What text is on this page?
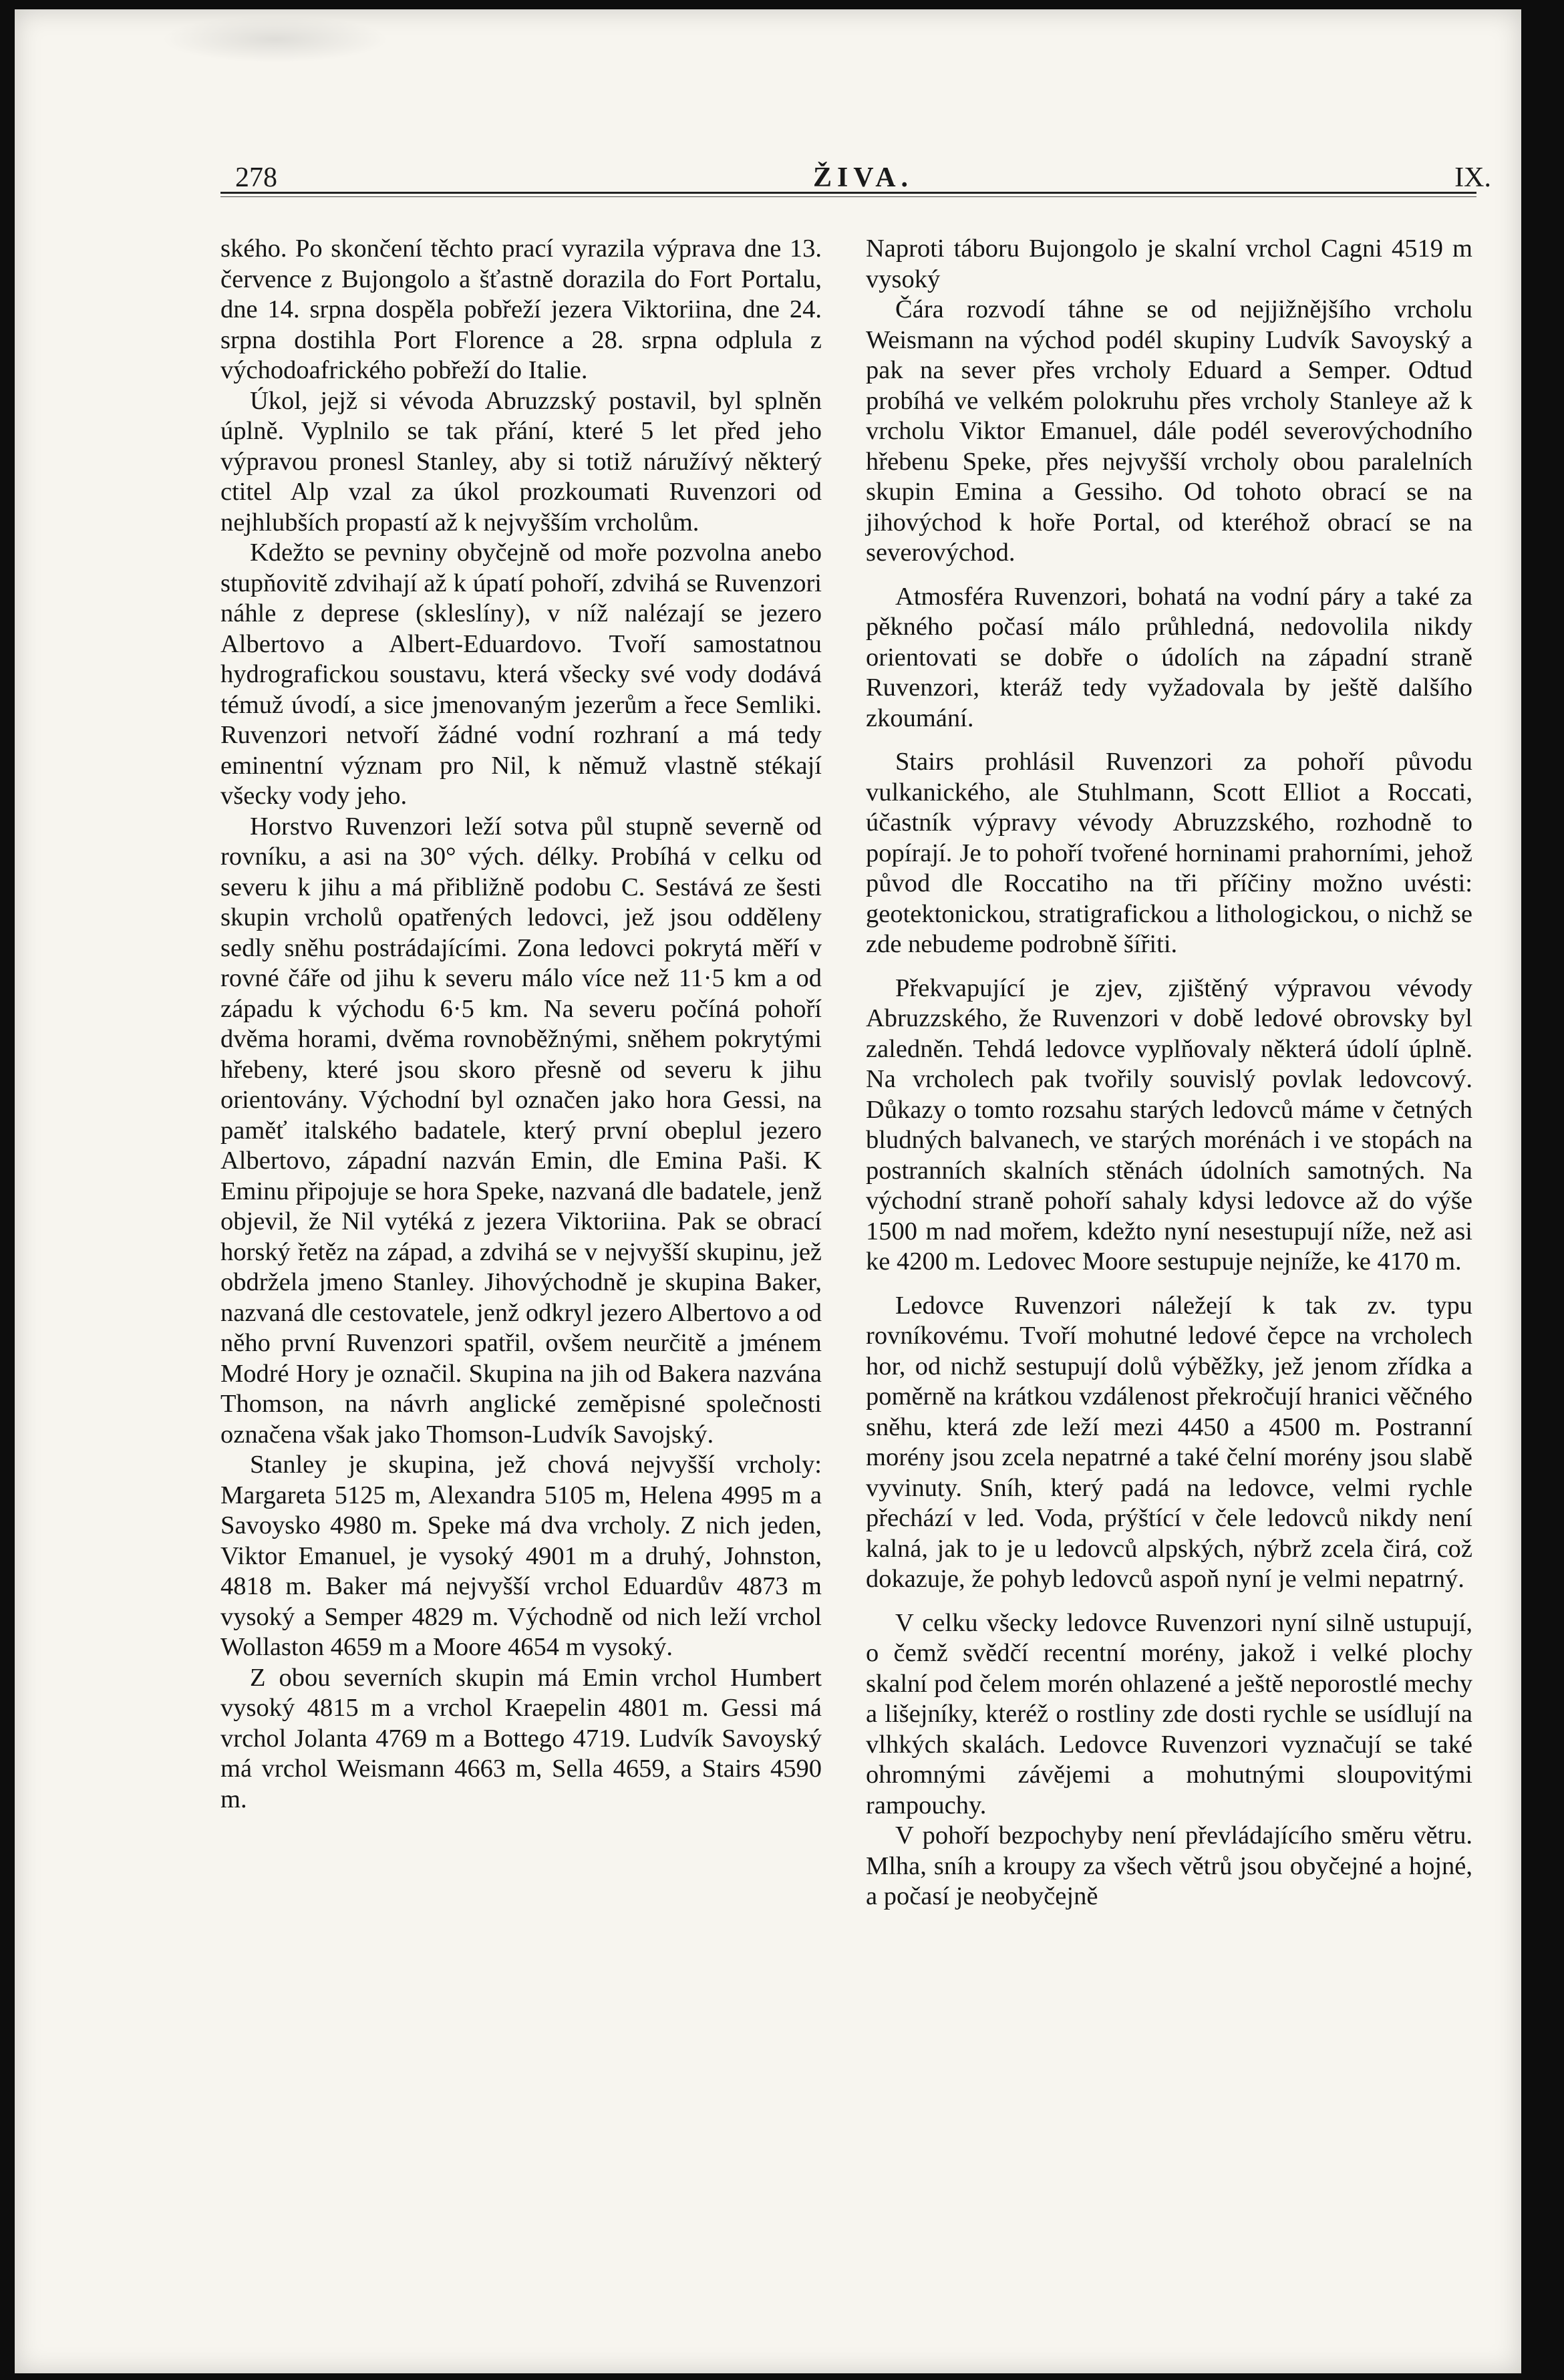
278	ŽIVA.	IX.

ského. Po skončení těchto prací vyrazila výprava dne 13. července z Bujongolo a šťastně dorazila do Fort Portalu, dne 14. srpna dospěla pobřeží jezera Viktoriina, dne 24. srpna dostihla Port Florence a 28. srpna odplula z východoafrického pobřeží do Italie.

Úkol, jejž si vévoda Abruzzský postavil, byl splněn úplně. Vyplnilo se tak přání, které 5 let před jeho výpravou pronesl Stanley, aby si totiž náružívý některý ctitel Alp vzal za úkol prozkoumati Ruvenzori od nejhlubších propastí až k nejvyšším vrcholům.

Kdežto se pevniny obyčejně od moře pozvolna anebo stupňovitě zdvihají až k úpatí pohoří, zdvihá se Ruvenzori náhle z deprese (skleslíny), v níž nalézají se jezero Albertovo a Albert-Eduardovo. Tvoří samostatnou hydrografickou soustavu, která všecky své vody dodává témuž úvodí, a sice jmenovaným jezerům a řece Semliki. Ruvenzori netvoří žádné vodní rozhraní a má tedy eminentní význam pro Nil, k němuž vlastně stékají všecky vody jeho.

Horstvo Ruvenzori leží sotva půl stupně severně od rovníku, a asi na 30° vých. délky. Probíhá v celku od severu k jihu a má přibližně podobu C. Sestává ze šesti skupin vrcholů opatřených ledovci, jež jsou odděleny sedly sněhu postrádajícími. Zona ledovci pokrytá měří v rovné čáře od jihu k severu málo více než 11·5 km a od západu k východu 6·5 km. Na severu počíná pohoří dvěma horami, dvěma rovnoběžnými, sněhem pokrytými hřebeny, které jsou skoro přesně od severu k jihu orientovány. Východní byl označen jako hora Gessi, na paměť italského badatele, který první obeplul jezero Albertovo, západní nazván Emin, dle Emina Paši. K Eminu připojuje se hora Speke, nazvaná dle badatele, jenž objevil, že Nil vytéká z jezera Viktoriina. Pak se obrací horský řetěz na západ, a zdvihá se v nejvyšší skupinu, jež obdržela jmeno Stanley. Jihovýchodně je skupina Baker, nazvaná dle cestovatele, jenž odkryl jezero Albertovo a od něho první Ruvenzori spatřil, ovšem neurčitě a jménem Modré Hory je označil. Skupina na jih od Bakera nazvána Thomson, na návrh anglické zeměpisné společnosti označena však jako Thomson-Ludvík Savojský.

Stanley je skupina, jež chová nejvyšší vrcholy: Margareta 5125 m, Alexandra 5105 m, Helena 4995 m a Savoysko 4980 m. Speke má dva vrcholy. Z nich jeden, Viktor Emanuel, je vysoký 4901 m a druhý, Johnston, 4818 m. Baker má nejvyšší vrchol Eduardův 4873 m vysoký a Semper 4829 m. Východně od nich leží vrchol Wollaston 4659 m a Moore 4654 m vysoký.

Z obou severních skupin má Emin vrchol Humbert vysoký 4815 m a vrchol Kraepelin 4801 m. Gessi má vrchol Jolanta 4769 m a Bottego 4719. Ludvík Savoyský má vrchol Weismann 4663 m, Sella 4659, a Stairs 4590 m.

Naproti táboru Bujongolo je skalní vrchol Cagni 4519 m vysoký

Čára rozvodí táhne se od nejjižnějšího vrcholu Weismann na východ podél skupiny Ludvík Savoyský a pak na sever přes vrcholy Eduard a Semper. Odtud probíhá ve velkém polokruhu přes vrcholy Stanleye až k vrcholu Viktor Emanuel, dále podél severovýchodního hřebenu Speke, přes nejvyšší vrcholy obou paralelních skupin Emina a Gessiho. Od tohoto obrací se na jihovýchod k hoře Portal, od kteréhož obrací se na severovýchod.

Atmosféra Ruvenzori, bohatá na vodní páry a také za pěkného počasí málo průhledná, nedovolila nikdy orientovati se dobře o údolích na západní straně Ruvenzori, kteráž tedy vyžadovala by ještě dalšího zkoumání.

Stairs prohlásil Ruvenzori za pohoří původu vulkanického, ale Stuhlmann, Scott Elliot a Roccati, účastník výpravy vévody Abruzzského, rozhodně to popírají. Je to pohoří tvořené horninami prahorními, jehož původ dle Roccatiho na tři příčiny možno uvésti: geotektonickou, stratigrafickou a lithologickou, o nichž se zde nebudeme podrobně šířiti.

Překvapující je zjev, zjištěný výpravou vévody Abruzzského, že Ruvenzori v době ledové obrovsky byl zaledněn. Tehdá ledovce vyplňovaly některá údolí úplně. Na vrcholech pak tvořily souvislý povlak ledovcový. Důkazy o tomto rozsahu starých ledovců máme v četných bludných balvanech, ve starých morénách i ve stopách na postranních skalních stěnách údolních samotných. Na východní straně pohoří sahaly kdysi ledovce až do výše 1500 m nad mořem, kdežto nyní nesestupují níže, než asi ke 4200 m. Ledovec Moore sestupuje nejníže, ke 4170 m.

Ledovce Ruvenzori náležejí k tak zv. typu rovníkovému. Tvoří mohutné ledové čepce na vrcholech hor, od nichž sestupují dolů výběžky, jež jenom zřídka a poměrně na krátkou vzdálenost překročují hranici věčného sněhu, která zde leží mezi 4450 a 4500 m. Postranní morény jsou zcela nepatrné a také čelní morény jsou slabě vyvinuty. Sníh, který padá na ledovce, velmi rychle přechází v led. Voda, prýštící v čele ledovců nikdy není kalná, jak to je u ledovců alpských, nýbrž zcela čirá, což dokazuje, že pohyb ledovců aspoň nyní je velmi nepatrný.

V celku všecky ledovce Ruvenzori nyní silně ustupují, o čemž svědčí recentní morény, jakož i velké plochy skalní pod čelem morén ohlazené a ještě neporostlé mechy a lišejníky, kteréž o rostliny zde dosti rychle se usídlují na vlhkých skalách. Ledovce Ruvenzori vyznačují se také ohromnými závějemi a mohutnými sloupovitými rampouchy.

V pohoří bezpochyby není převládajícího směru větru. Mlha, sníh a kroupy za všech větrů jsou obyčejné a hojné, a počasí je neobyčejně
